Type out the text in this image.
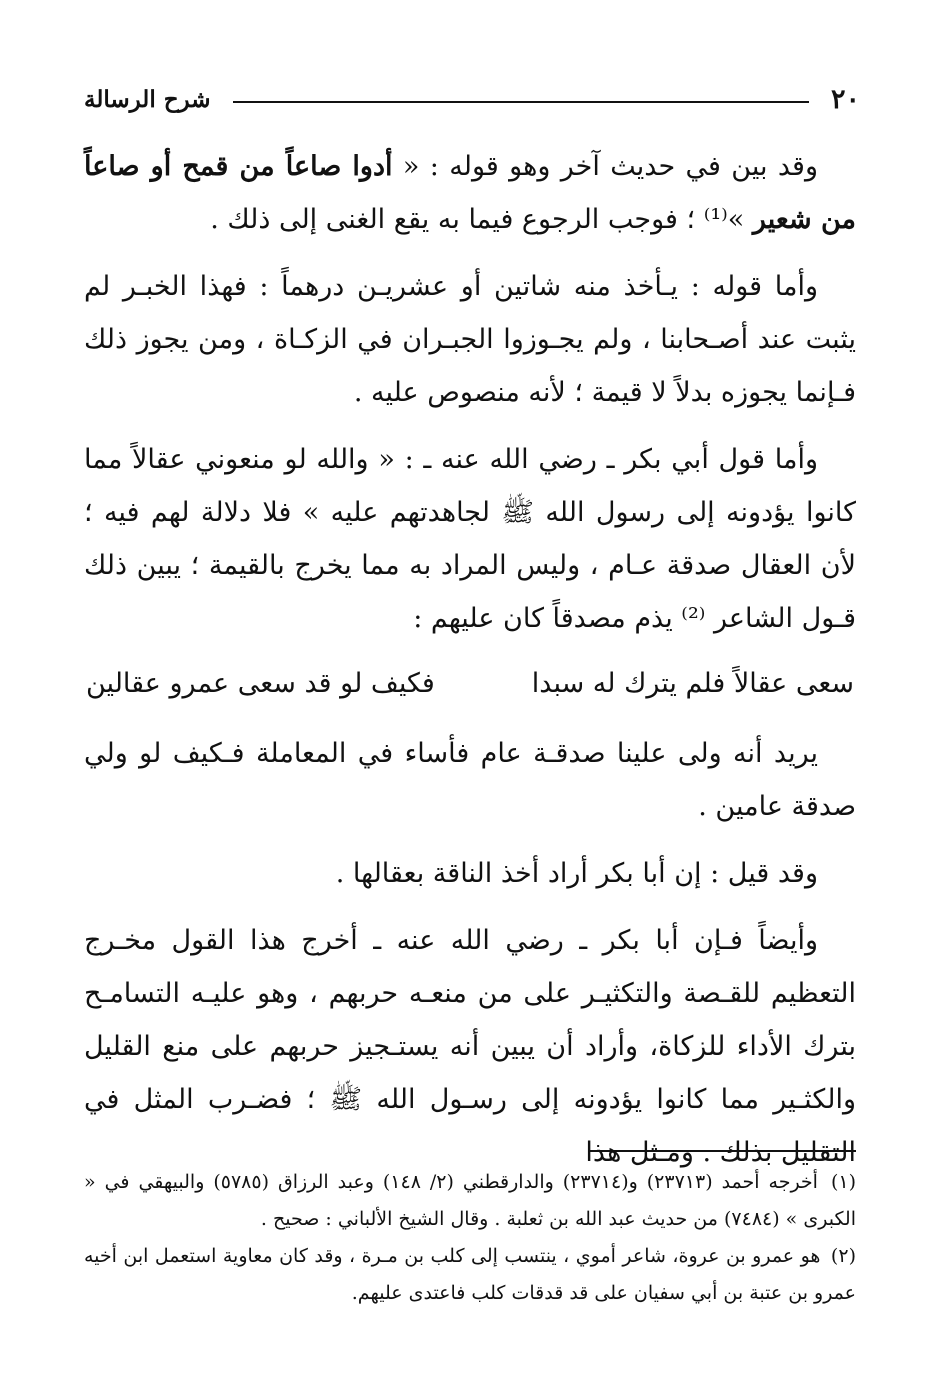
٢٠
شرح الرسالة

وقد بين في حديث آخر وهو قوله : « أدوا صاعاً من قمح أو صاعاً من شعير »⁽¹⁾ ؛ فوجب الرجوع فيما به يقع الغنى إلى ذلك .

وأما قوله : يـأخذ منه شاتين أو عشريـن درهماً : فهذا الخبـر لم يثبت عند أصـحابنا ، ولم يجـوزوا الجبـران في الزكـاة ، ومن يجوز ذلك فـإنما يجوزه بدلاً لا قيمة ؛ لأنه منصوص عليه .

وأما قول أبي بكر ـ رضي الله عنه ـ : « والله لو منعوني عقالاً مما كانوا يؤدونه إلى رسول الله ﷺ لجاهدتهم عليه » فلا دلالة لهم فيه ؛ لأن العقال صدقة عـام ، وليس المراد به مما يخرج بالقيمة ؛ يبين ذلك قـول الشاعر ⁽²⁾ يذم مصدقاً كان عليهم :

سعى عقالاً فلم يترك له سبدا
فكيف لو قد سعى عمرو عقالين

يريد أنه ولى علينا صدقـة عام فأساء في المعاملة فـكيف لو ولي صدقة عامين .

وقد قيل : إن أبا بكر أراد أخذ الناقة بعقالها .

وأيضاً فـإن أبا بكر ـ رضي الله عنه ـ أخرج هذا القول مخـرج التعظيم للقـصة والتكثيـر على من منعـه حربهم ، وهو عليـه التسامـح بترك الأداء للزكاة، وأراد أن يبين أنه يستـجيز حربهم على منع القليل والكثـير مما كانوا يؤدونه إلى رسـول الله ﷺ ؛ فضـرب المثل في التقليل بذلك . ومـثل هذا

(١) أخرجه أحمد (٢٣٧١٣) و(٢٣٧١٤) والدارقطني (٢/ ١٤٨) وعبد الرزاق (٥٧٨٥) والبيهقي في « الكبرى » (٧٤٨٤) من حديث عبد الله بن ثعلبة . وقال الشيخ الألباني : صحيح .

(٢) هو عمرو بن عروة، شاعر أموي ، ينتسب إلى كلب بن مـرة ، وقد كان معاوية استعمل ابن أخيه عمرو بن عتبة بن أبي سفيان على قد قدقات كلب فاعتدى عليهم.
